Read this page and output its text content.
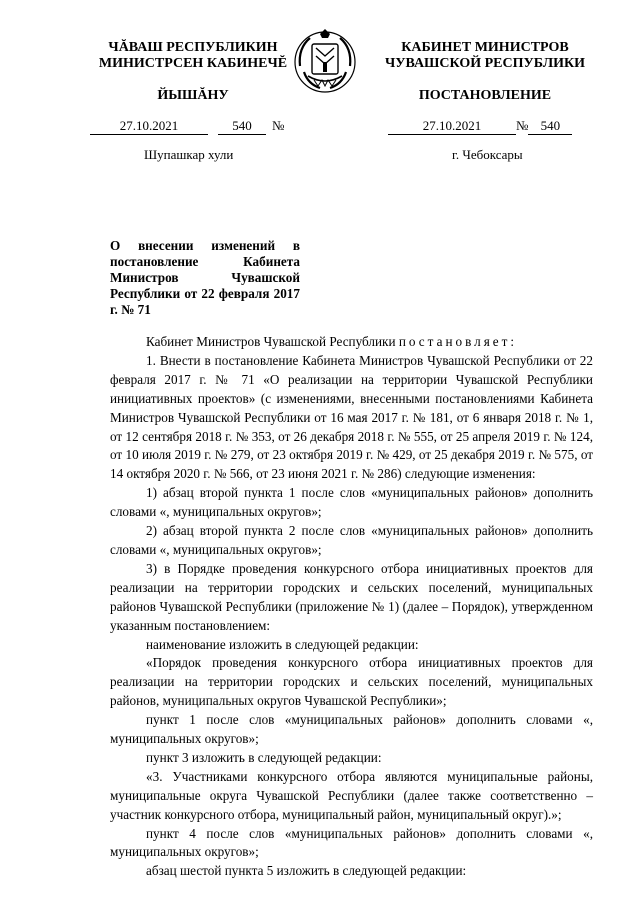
ЧĂВАШ РЕСПУБЛИКИН
МИНИСТРСЕН КАБИНЕЧĔ
ЙЫШĂНУ
КАБИНЕТ МИНИСТРОВ
ЧУВАШСКОЙ РЕСПУБЛИКИ
ПОСТАНОВЛЕНИЕ
27.10.2021	540 №	27.10.2021	№ 540
Шупашкар хули	г. Чебоксары
О внесении изменений в постановление Кабинета Министров Чувашской Республики от 22 февраля 2017 г. № 71

Кабинет Министров Чувашской Республики постановляет:

1. Внести в постановление Кабинета Министров Чувашской Республики от 22 февраля 2017 г. № 71 «О реализации на территории Чувашской Республики инициативных проектов» (с изменениями, внесенными постановлениями Кабинета Министров Чувашской Республики от 16 мая 2017 г. № 181, от 6 января 2018 г. № 1, от 12 сентября 2018 г. № 353, от 26 декабря 2018 г. № 555, от 25 апреля 2019 г. № 124, от 10 июля 2019 г. № 279, от 23 октября 2019 г. № 429, от 25 декабря 2019 г. № 575, от 14 октября 2020 г. № 566, от 23 июня 2021 г. № 286) следующие изменения:

1) абзац второй пункта 1 после слов «муниципальных районов» дополнить словами «, муниципальных округов»;

2) абзац второй пункта 2 после слов «муниципальных районов» дополнить словами «, муниципальных округов»;

3) в Порядке проведения конкурсного отбора инициативных проектов для реализации на территории городских и сельских поселений, муниципальных районов Чувашской Республики (приложение № 1) (далее – Порядок), утвержденном указанным постановлением:

наименование изложить в следующей редакции:

«Порядок проведения конкурсного отбора инициативных проектов для реализации на территории городских и сельских поселений, муниципальных районов, муниципальных округов Чувашской Республики»;

пункт 1 после слов «муниципальных районов» дополнить словами «, муниципальных округов»;

пункт 3 изложить в следующей редакции:

«3. Участниками конкурсного отбора являются муниципальные районы, муниципальные округа Чувашской Республики (далее также соответственно – участник конкурсного отбора, муниципальный район, муниципальный округ).»;

пункт 4 после слов «муниципальных районов» дополнить словами «, муниципальных округов»;

абзац шестой пункта 5 изложить в следующей редакции:
